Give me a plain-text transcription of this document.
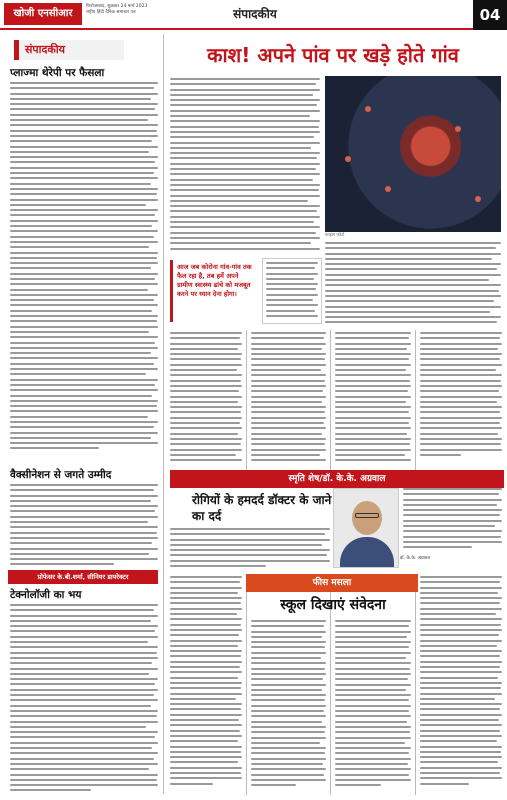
खोजी एनसीआर
फ़िरोजाबाद, शुक्रवार 24 मार्च 2023
राष्ट्रीय हिंदी दैनिक समाचार पत्र	संपादकीय	04
संपादकीय
प्लाज्मा थेरेपी पर फैसला
वैक्सीनेशन से जगते उम्मीद
प्रोफेसर के.बी.शर्मा, सीनियर डायरेक्टर
टेक्नोलॉजी का भय
काश! अपने पांव पर खड़े होते गांव
फ़ाइल फ़ोटो
आज जब कोरोना गांव-गांव तक फैल रहा है, तब हमें अपने ग्रामीण स्वास्थ्य ढांचे को मजबूत करने पर ध्यान देना होगा।
स्मृति शेष/डॉ. के.के. अग्रवाल
रोगियों के हमदर्द डॉक्टर के जाने का दर्द
डॉ. के.के. अग्रवाल
फीस मसला
स्कूल दिखाएं संवेदना
